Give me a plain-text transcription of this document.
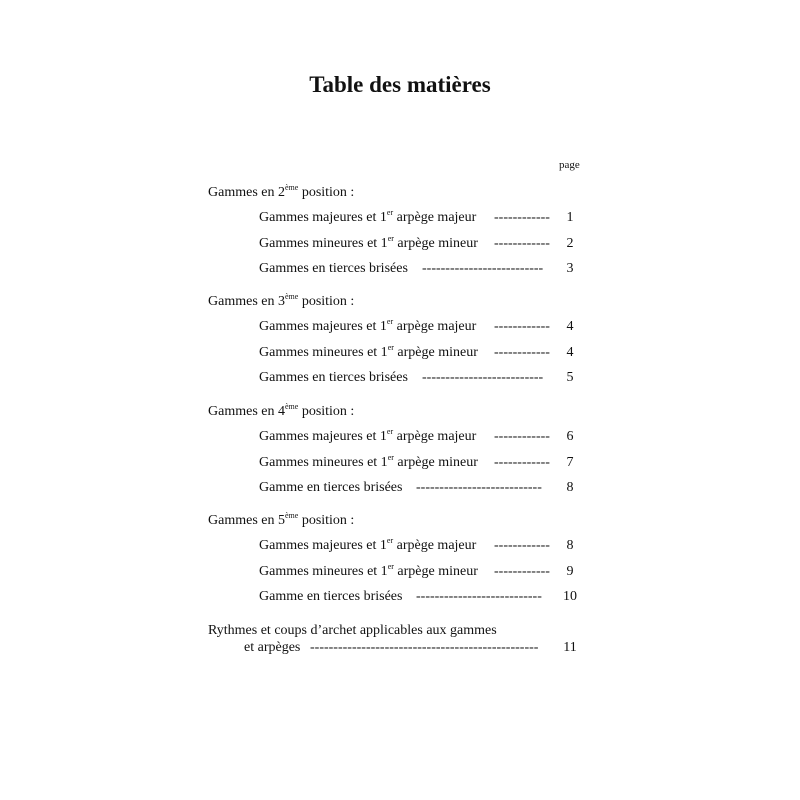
Table des matières
page
Gammes en 2ème position :
Gammes majeures et 1er arpège majeur ------------	1
Gammes mineures et 1er arpège mineur ------------	2
Gammes en tierces brisées --------------------------	3
Gammes en 3ème position :
Gammes majeures et 1er arpège majeur ------------	4
Gammes mineures et 1er arpège mineur ------------	4
Gammes en tierces brisées --------------------------	5
Gammes en 4ème position :
Gammes majeures et 1er arpège majeur ------------	6
Gammes mineures et 1er arpège mineur ------------	7
Gamme en tierces brisées ---------------------------	8
Gammes en 5ème position :
Gammes majeures et 1er arpège majeur ------------	8
Gammes mineures et 1er arpège mineur ------------	9
Gamme en tierces brisées ---------------------------	10
Rythmes et coups d’archet applicables aux gammes
et arpèges -------------------------------------------------	11
